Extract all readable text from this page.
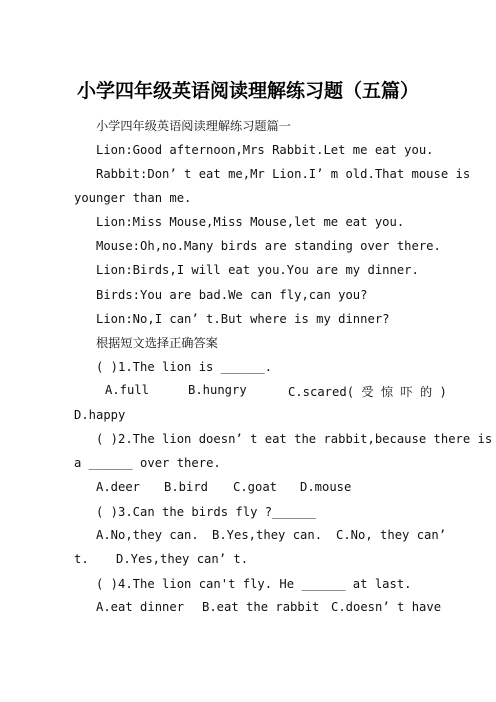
小学四年级英语阅读理解练习题（五篇）
小学四年级英语阅读理解练习题篇一
Lion:Good afternoon,Mrs Rabbit.Let me eat you.
Rabbit:Don’ t eat me,Mr Lion.I’ m old.That mouse is
younger than me.
Lion:Miss Mouse,Miss Mouse,let me eat you.
Mouse:Oh,no.Many birds are standing over there.
Lion:Birds,I will eat you.You are my dinner.
Birds:You are bad.We can fly,can you?
Lion:No,I can’ t.But where is my dinner?
根据短文选择正确答案
( )1.The lion is ______.
A.full	B.hungry	C.scared( 受 惊 吓 的 )
D.happy
( )2.The lion doesn’ t eat the rabbit,because there is
a ______ over there.
A.deer B.bird C.goat D.mouse
( )3.Can the birds fly ?______
A.No,they can. B.Yes,they can. C.No, they can’
t. D.Yes,they can’ t.
( )4.The lion can't fly. He ______ at last.
A.eat dinner B.eat the rabbit C.doesn’ t have
